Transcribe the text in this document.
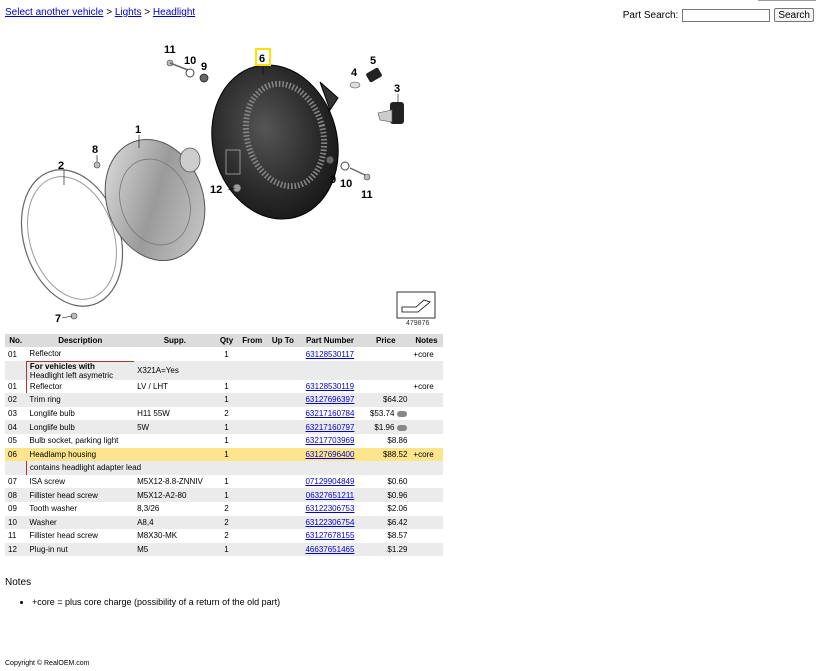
Select another vehicle > Lights > Headlight	Part Search:	Search
6
1
2
3
4
5
7
8
9
10
11
12
9 10
11
479876
No.	Description	Supp.	Qty	From	Up To	Part Number	Price	Notes
01	Reflector		1			63128530117		+core
	For vehicles with
Headlight left asymetric	X321A=Yes						
01	Reflector	LV / LHT	1			63128530119		+core
02	Trim ring		1			63127696397	$64.20	
03	Longlife bulb	H11 55W	2			63217160784	$53.74	
04	Longlife bulb	5W	1			63217160797	$1.96	
05	Bulb socket, parking light		1			63217703969	$8.86	
06	Headlamp housing		1			63127696400	$88.52	+core
	contains headlight adapter lead							
07	ISA screw	M5X12-8.8-ZNNIV	1			07129904849	$0.60	
08	Fillister head screw	M5X12-A2-80	1			06327651211	$0.96	
09	Tooth washer	8,3/26	2			63122306753	$2.06	
10	Washer	A8,4	2			63122306754	$6.42	
11	Fillister head screw	M8X30-MK	2			63127678155	$8.57	
12	Plug-in nut	M5	1			46637651465	$1.29	
Notes
• +core = plus core charge (possibility of a return of the old part)
Copyright © RealOEM.com
